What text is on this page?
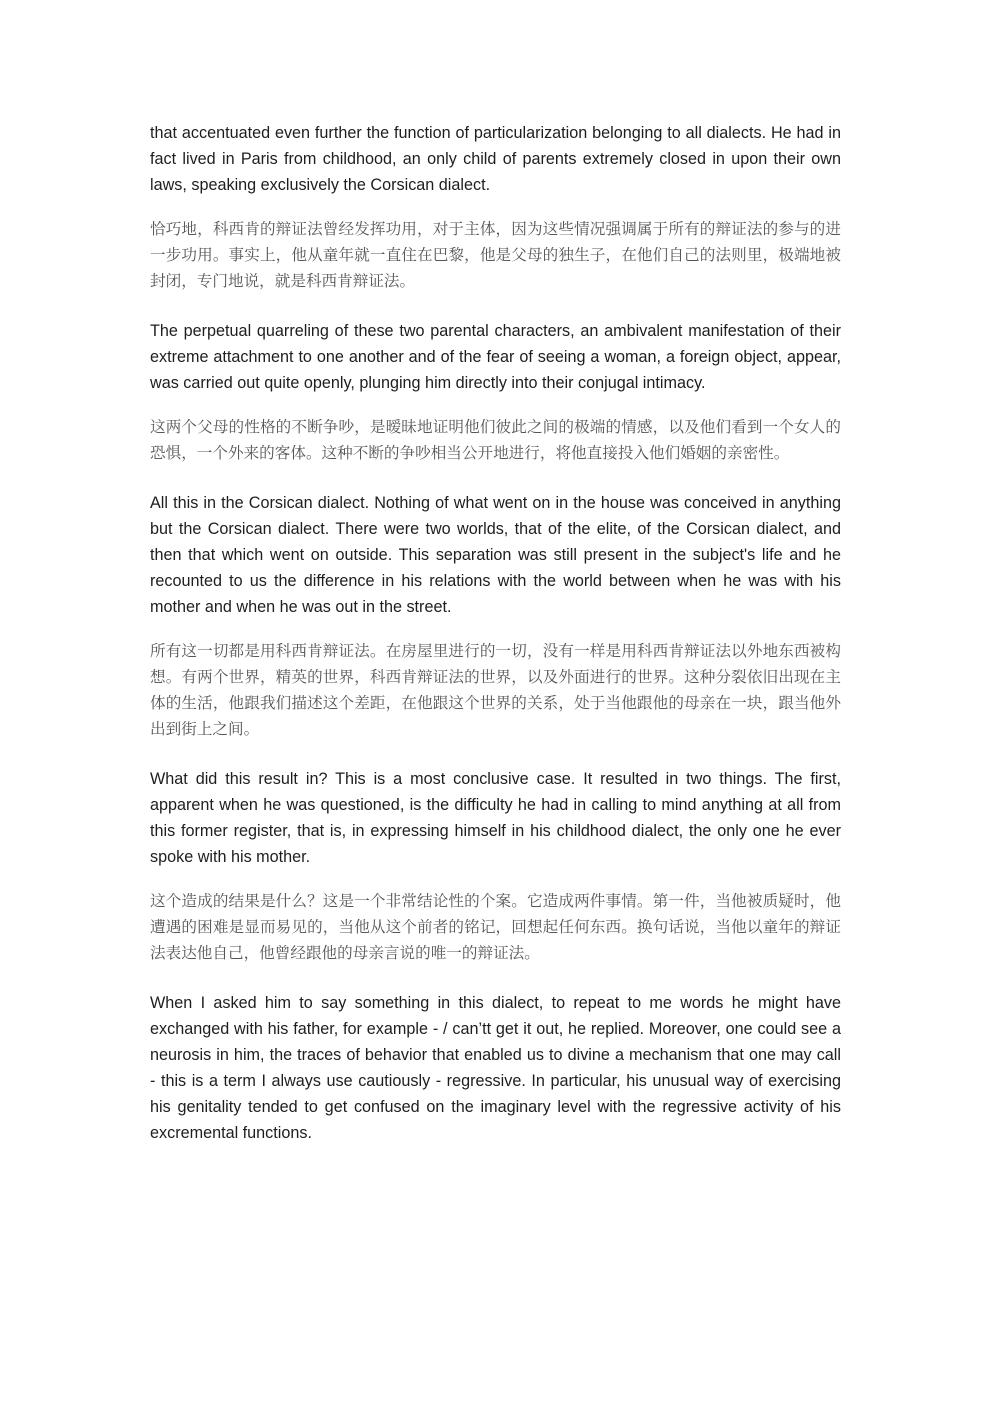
that accentuated even further the function of particularization belonging to all dialects. He had in fact lived in Paris from childhood, an only child of parents extremely closed in upon their own laws, speaking exclusively the Corsican dialect.

恰巧地，科西肯的辩证法曾经发挥功用，对于主体，因为这些情况强调属于所有的辩证法的参与的进一步功用。事实上，他从童年就一直住在巴黎，他是父母的独生子，在他们自己的法则里，极端地被封闭，专门地说，就是科西肯辩证法。

The perpetual quarreling of these two parental characters, an ambivalent manifestation of their extreme attachment to one another and of the fear of seeing a woman, a foreign object, appear, was carried out quite openly, plunging him directly into their conjugal intimacy.

这两个父母的性格的不断争吵，是暧昧地证明他们彼此之间的极端的情感，以及他们看到一个女人的恐惧，一个外来的客体。这种不断的争吵相当公开地进行，将他直接投入他们婚姻的亲密性。

All this in the Corsican dialect. Nothing of what went on in the house was conceived in anything but the Corsican dialect. There were two worlds, that of the elite, of the Corsican dialect, and then that which went on outside. This separation was still present in the subject's life and he recounted to us the difference in his relations with the world between when he was with his mother and when he was out in the street.

所有这一切都是用科西肯辩证法。在房屋里进行的一切，没有一样是用科西肯辩证法以外地东西被构想。有两个世界，精英的世界，科西肯辩证法的世界，以及外面进行的世界。这种分裂依旧出现在主体的生活，他跟我们描述这个差距，在他跟这个世界的关系，处于当他跟他的母亲在一块，跟当他外出到街上之间。

What did this result in? This is a most conclusive case. It resulted in two things. The first, apparent when he was questioned, is the difficulty he had in calling to mind anything at all from this former register, that is, in expressing himself in his childhood dialect, the only one he ever spoke with his mother.

这个造成的结果是什么？这是一个非常结论性的个案。它造成两件事情。第一件，当他被质疑时，他遭遇的困难是显而易见的，当他从这个前者的铭记，回想起任何东西。换句话说，当他以童年的辩证法表达他自己，他曾经跟他的母亲言说的唯一的辩证法。

When I asked him to say something in this dialect, to repeat to me words he might have exchanged with his father, for example - / can’tt get it out, he replied. Moreover, one could see a neurosis in him, the traces of behavior that enabled us to divine a mechanism that one may call - this is a term I always use cautiously - regressive. In particular, his unusual way of exercising his genitality tended to get confused on the imaginary level with the regressive activity of his excremental functions.
